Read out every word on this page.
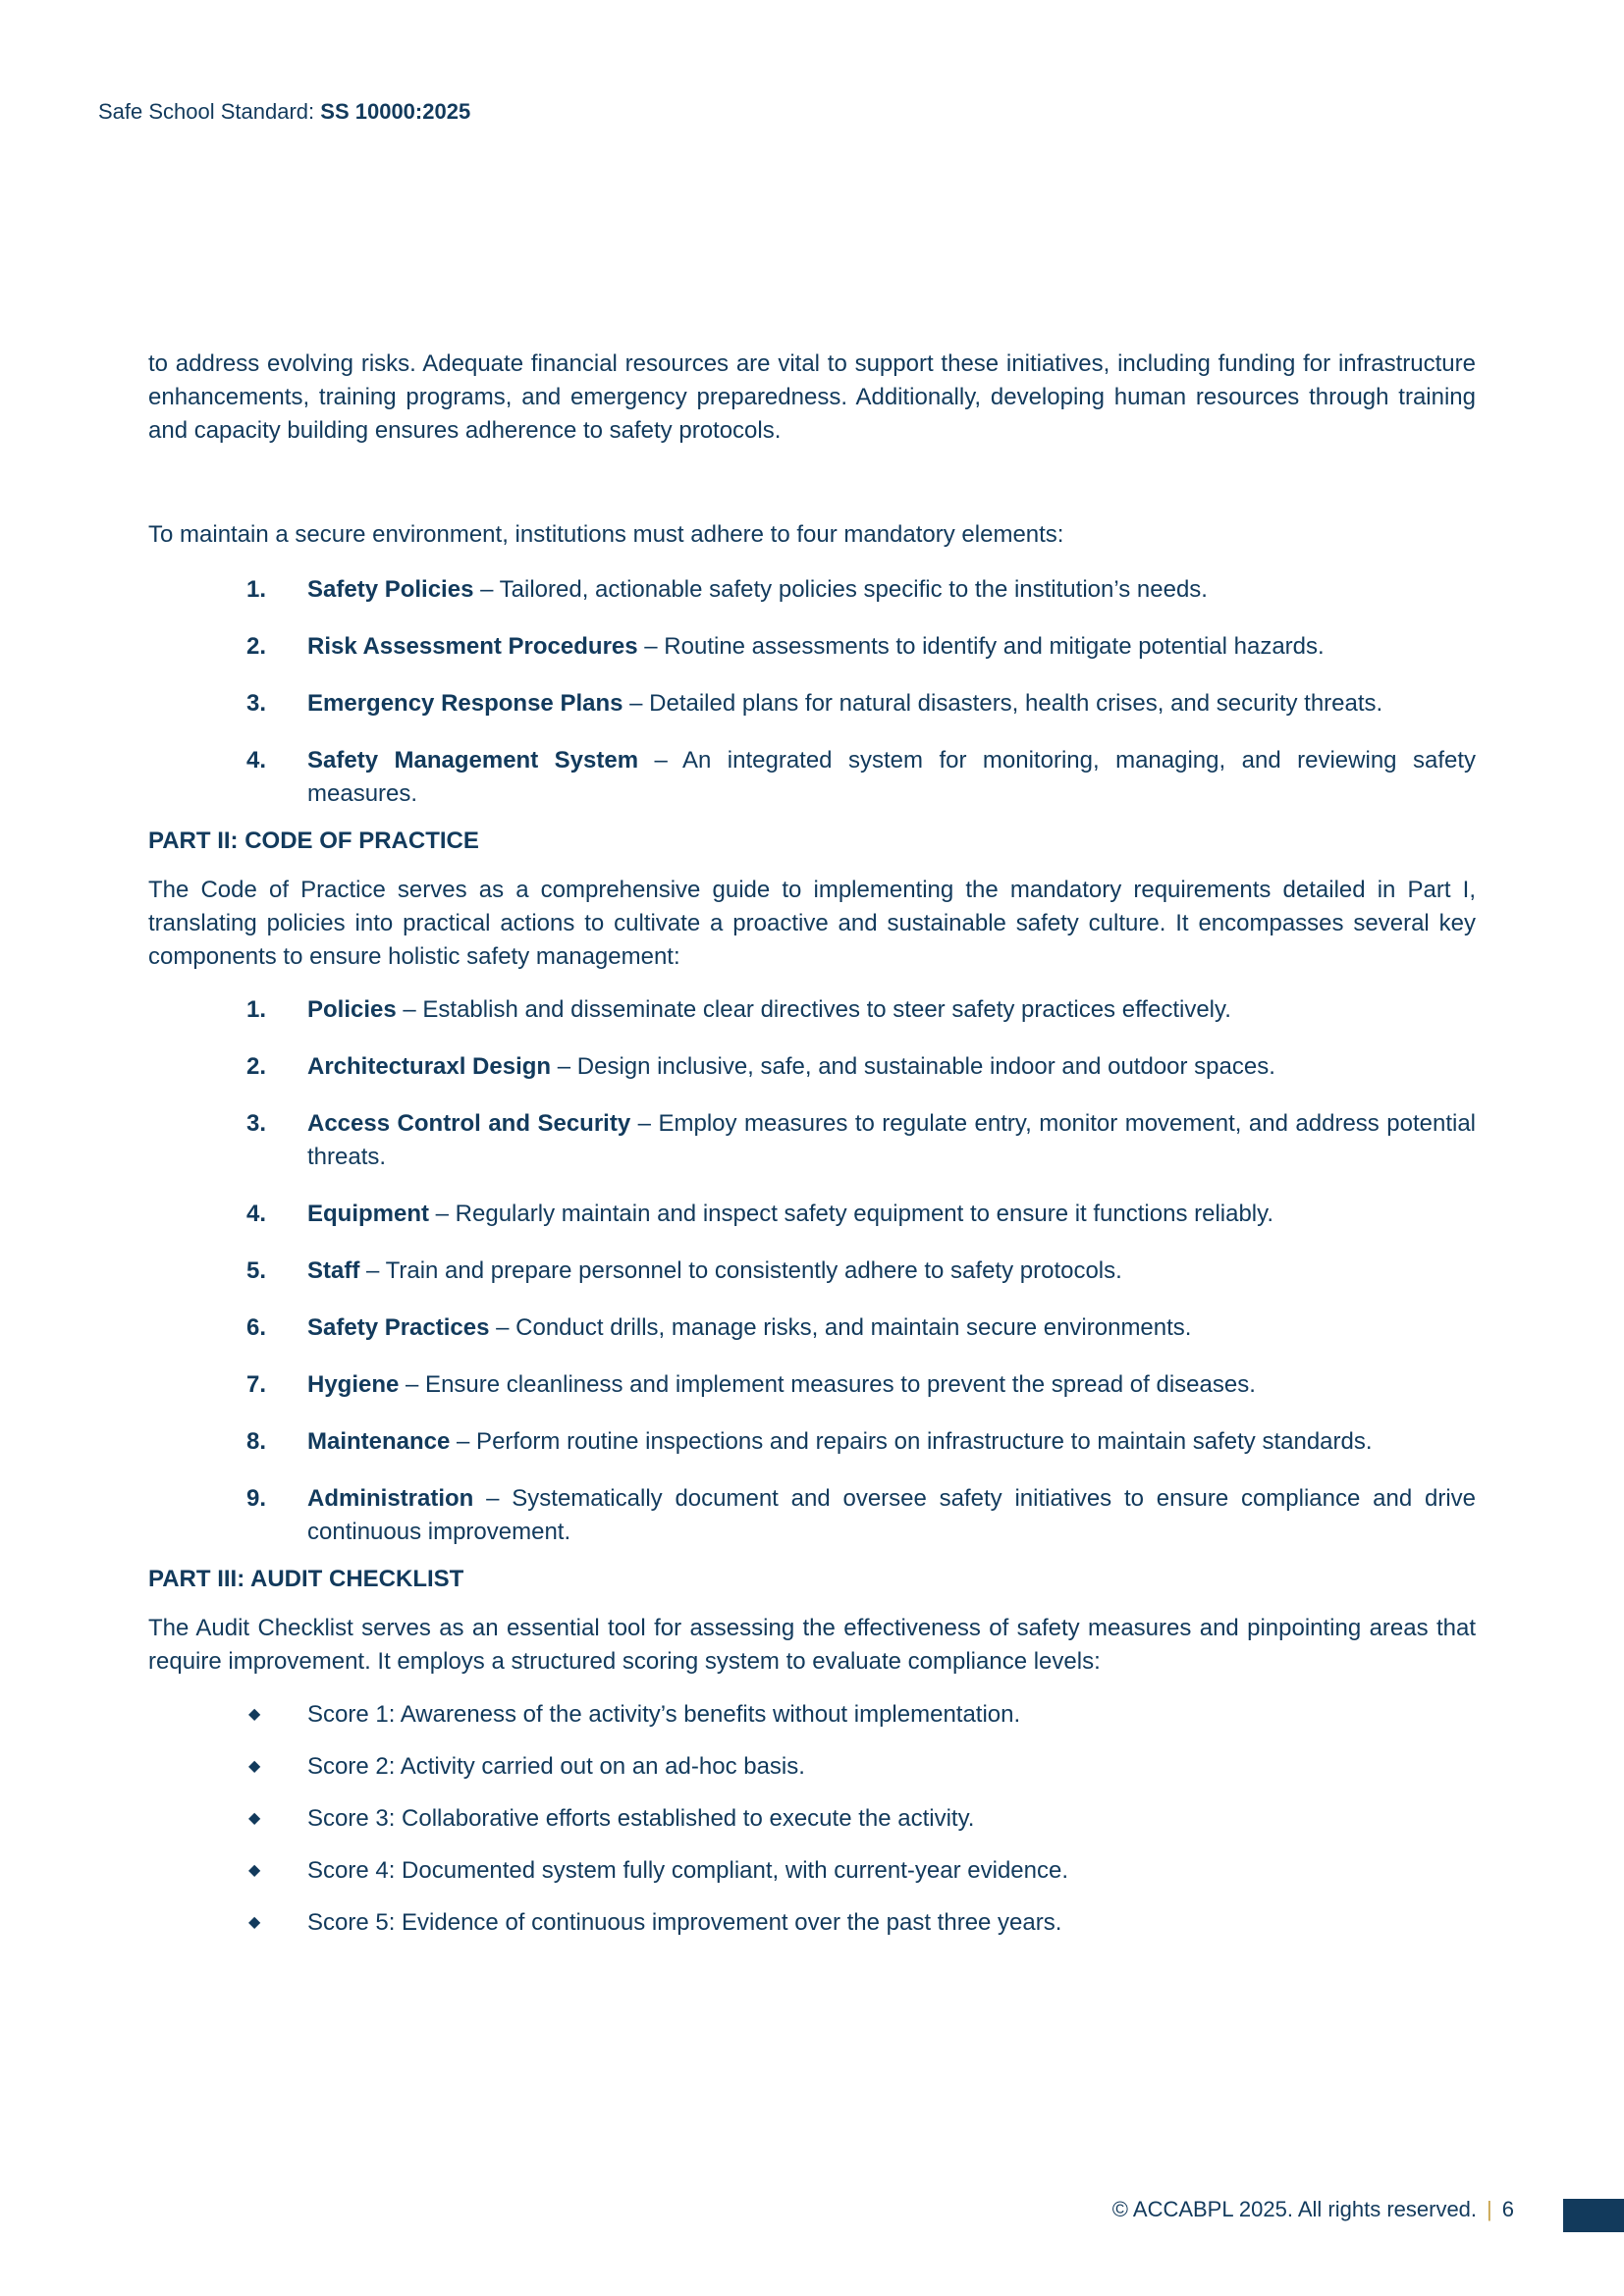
Safe School Standard: SS 10000:2025

to address evolving risks. Adequate financial resources are vital to support these initiatives, including funding for infrastructure enhancements, training programs, and emergency preparedness. Additionally, developing human resources through training and capacity building ensures adherence to safety protocols.

To maintain a secure environment, institutions must adhere to four mandatory elements:

1. Safety Policies – Tailored, actionable safety policies specific to the institution’s needs.
2. Risk Assessment Procedures – Routine assessments to identify and mitigate potential hazards.
3. Emergency Response Plans – Detailed plans for natural disasters, health crises, and security threats.
4. Safety Management System – An integrated system for monitoring, managing, and reviewing safety measures.
PART II: CODE OF PRACTICE

The Code of Practice serves as a comprehensive guide to implementing the mandatory requirements detailed in Part I, translating policies into practical actions to cultivate a proactive and sustainable safety culture. It encompasses several key components to ensure holistic safety management:

1. Policies – Establish and disseminate clear directives to steer safety practices effectively.
2. Architecturaxl Design – Design inclusive, safe, and sustainable indoor and outdoor spaces.
3. Access Control and Security – Employ measures to regulate entry, monitor movement, and address potential threats.
4. Equipment – Regularly maintain and inspect safety equipment to ensure it functions reliably.
5. Staff – Train and prepare personnel to consistently adhere to safety protocols.
6. Safety Practices – Conduct drills, manage risks, and maintain secure environments.
7. Hygiene – Ensure cleanliness and implement measures to prevent the spread of diseases.
8. Maintenance – Perform routine inspections and repairs on infrastructure to maintain safety standards.
9. Administration – Systematically document and oversee safety initiatives to ensure compliance and drive continuous improvement.
PART III: AUDIT CHECKLIST

The Audit Checklist serves as an essential tool for assessing the effectiveness of safety measures and pinpointing areas that require improvement. It employs a structured scoring system to evaluate compliance levels:

◆ Score 1: Awareness of the activity’s benefits without implementation.
◆ Score 2: Activity carried out on an ad-hoc basis.
◆ Score 3: Collaborative efforts established to execute the activity.
◆ Score 4: Documented system fully compliant, with current-year evidence.
◆ Score 5: Evidence of continuous improvement over the past three years.
© ACCABPL 2025. All rights reserved. | 6
